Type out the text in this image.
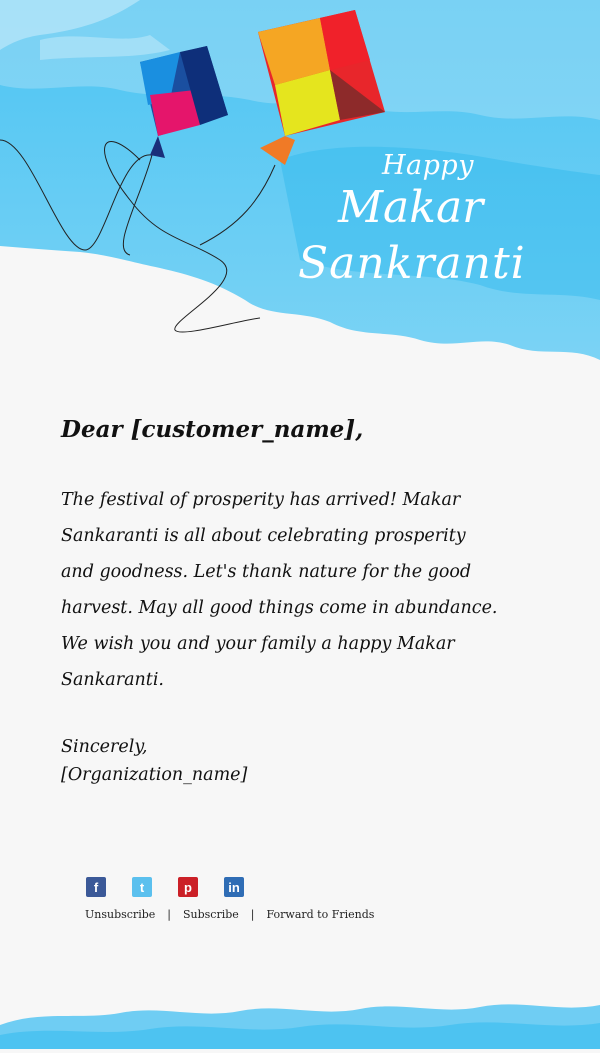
Happy
Makar
Sankranti
Dear [customer_name],
The festival of prosperity has arrived! Makar Sankaranti is all about celebrating prosperity and goodness. Let's thank nature for the good harvest. May all good things come in abundance. We wish you and your family a happy Makar Sankaranti.
Sincerely,
[Organization_name]
f	t	p	in
Unsubscribe | Subscribe | Forward to Friends
